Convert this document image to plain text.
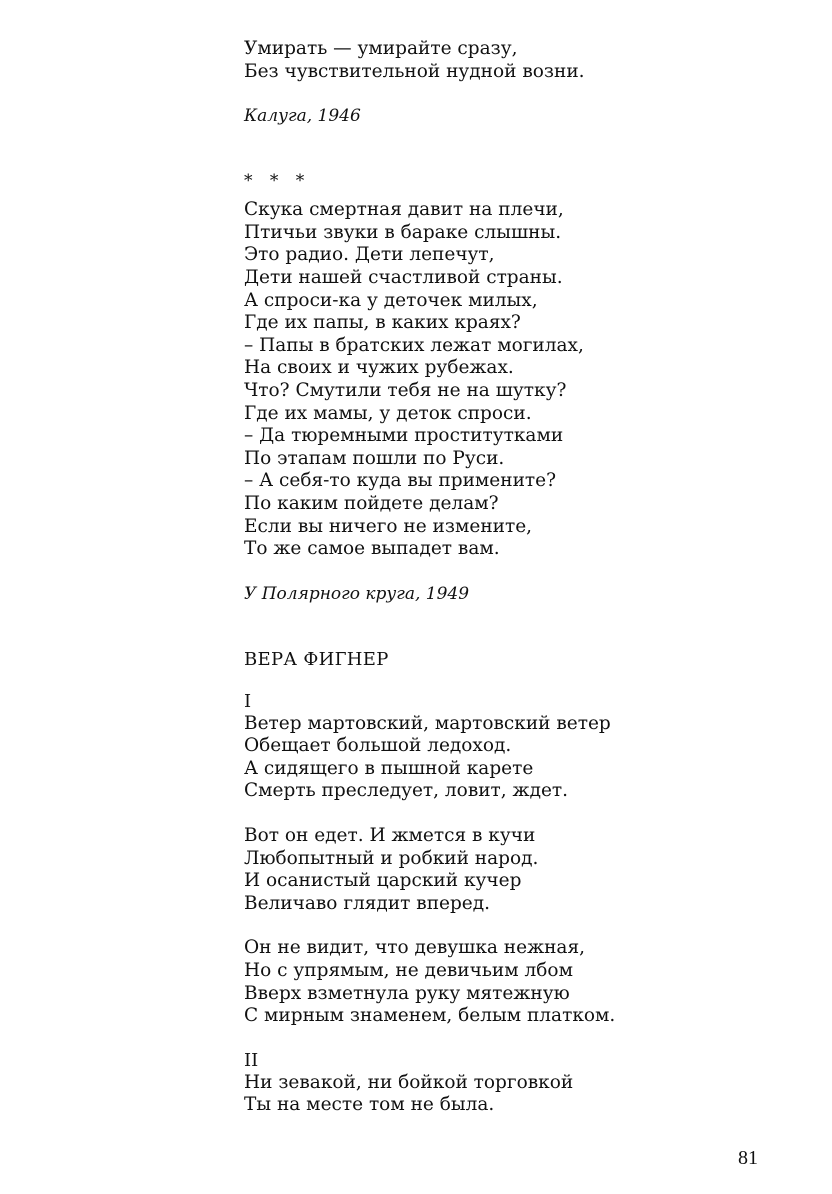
Умирать — умирайте сразу,
Без чувствительной нудной возни.
Калуга, 1946
* * *
Скука смертная давит на плечи,
Птичьи звуки в бараке слышны.
Это радио. Дети лепечут,
Дети нашей счастливой страны.
А спроси-ка у деточек милых,
Где их папы, в каких краях?
– Папы в братских лежат могилах,
На своих и чужих рубежах.
Что? Смутили тебя не на шутку?
Где их мамы, у деток спроси.
– Да тюремными проститутками
По этапам пошли по Руси.
– А себя-то куда вы примените?
По каким пойдете делам?
Если вы ничего не измените,
То же самое выпадет вам.
У Полярного круга, 1949
ВЕРА ФИГНЕР
I
Ветер мартовский, мартовский ветер
Обещает большой ледоход.
А сидящего в пышной карете
Смерть преследует, ловит, ждет.
Вот он едет. И жмется в кучи
Любопытный и робкий народ.
И осанистый царский кучер
Величаво глядит вперед.
Он не видит, что девушка нежная,
Но с упрямым, не девичьим лбом
Вверх взметнула руку мятежную
С мирным знаменем, белым платком.
II
Ни зевакой, ни бойкой торговкой
Ты на месте том не была.
81
